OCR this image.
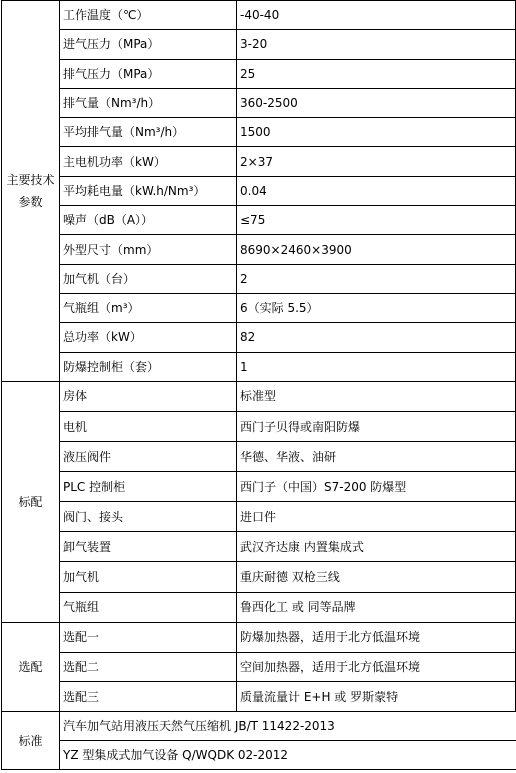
主要技术参数	工作温度（℃）	-40-40
	进气压力（MPa）	3-20
	排气压力（MPa）	25
	排气量（Nm³/h）	360-2500
	平均排气量（Nm³/h）	1500
	主电机功率（kW）	2×37
	平均耗电量（kW.h/Nm³）	0.04
	噪声（dB（A））	≤75
	外型尺寸（mm）	8690×2460×3900
	加气机（台）	2
	气瓶组（m³）	6（实际 5.5）
	总功率（kW）	82
	防爆控制柜（套）	1
标配	房体	标准型
	电机	西门子贝得或南阳防爆
	液压阀件	华德、华液、油研
	PLC 控制柜	西门子（中国）S7-200 防爆型
	阀门、接头	进口件
	卸气装置	武汉齐达康 内置集成式
	加气机	重庆耐德 双枪三线
	气瓶组	鲁西化工 或 同等品牌
选配	选配一	防爆加热器，适用于北方低温环境
	选配二	空间加热器，适用于北方低温环境
	选配三	质量流量计 E+H 或 罗斯蒙特
标准	汽车加气站用液压天然气压缩机 JB/T 11422-2013	
	YZ 型集成式加气设备 Q/WQDK 02-2012	
